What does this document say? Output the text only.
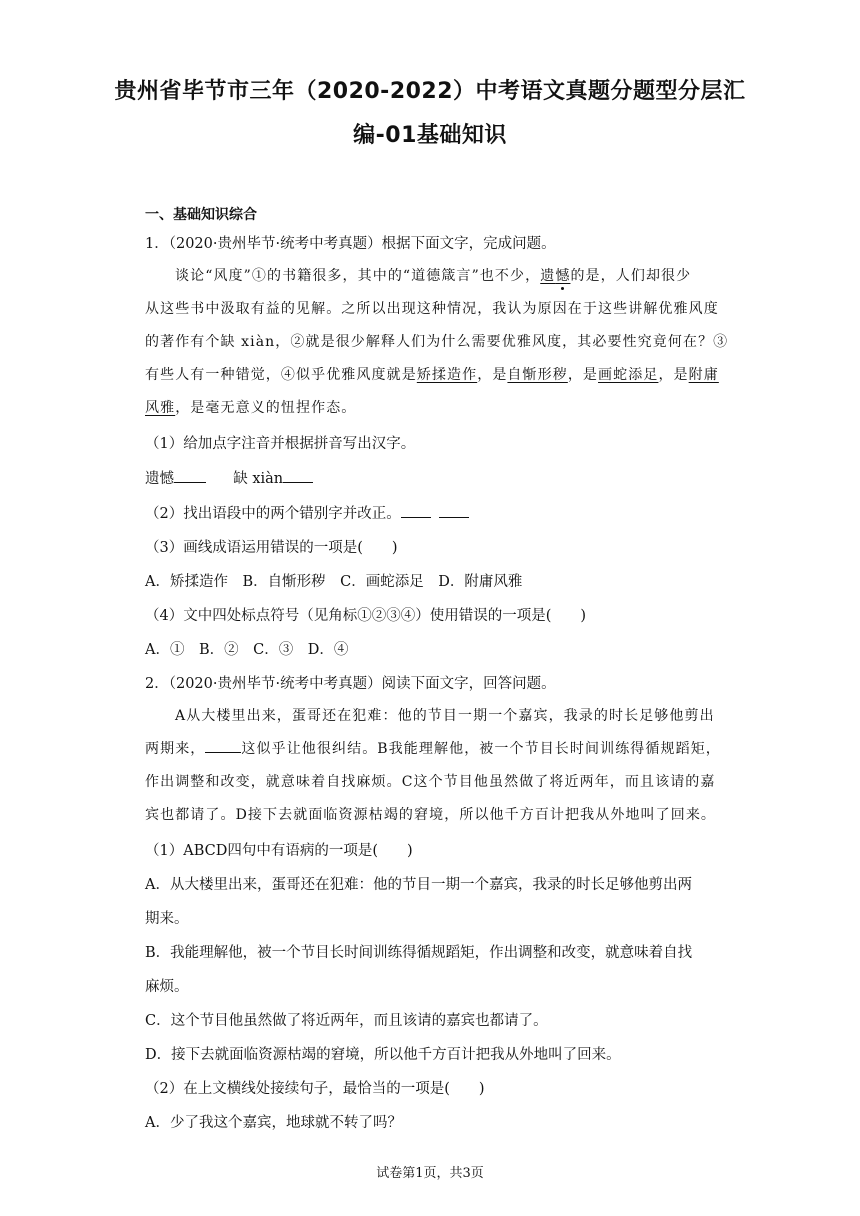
贵州省毕节市三年（2020-2022）中考语文真题分题型分层汇
编-01基础知识
一、基础知识综合
1．（2020·贵州毕节·统考中考真题）根据下面文字，完成问题。
谈论“风度”①的书籍很多，其中的“道德箴言”也不少，遗憾的是，人们却很少
从这些书中汲取有益的见解。之所以出现这种情况，我认为原因在于这些讲解优雅风度
的著作有个缺 xiàn，②就是很少解释人们为什么需要优雅风度，其必要性究竟何在？③
有些人有一种错觉，④似乎优雅风度就是矫揉造作，是自惭形秽，是画蛇添足，是附庸
风雅，是毫无意义的忸捏作态。
（1）给加点字注音并根据拼音写出汉字。
遗憾	缺 xiàn
（2）找出语段中的两个错别字并改正。
（3）画线成语运用错误的一项是(　　)
A．矫揉造作　B．自惭形秽　C．画蛇添足　D．附庸风雅
（4）文中四处标点符号（见角标①②③④）使用错误的一项是(　　)
A．①　B．②　C．③　D．④
2．（2020·贵州毕节·统考中考真题）阅读下面文字，回答问题。
A从大楼里出来，蛋哥还在犯难：他的节目一期一个嘉宾，我录的时长足够他剪出
两期来，	这似乎让他很纠结。B我能理解他，被一个节目长时间训练得循规蹈矩，
作出调整和改变，就意味着自找麻烦。C这个节目他虽然做了将近两年，而且该请的嘉
宾也都请了。D接下去就面临资源枯竭的窘境，所以他千方百计把我从外地叫了回来。
（1）ABCD四句中有语病的一项是(　　)
A．从大楼里出来，蛋哥还在犯难：他的节目一期一个嘉宾，我录的时长足够他剪出两
期来。
B．我能理解他，被一个节目长时间训练得循规蹈矩，作出调整和改变，就意味着自找
麻烦。
C．这个节目他虽然做了将近两年，而且该请的嘉宾也都请了。
D．接下去就面临资源枯竭的窘境，所以他千方百计把我从外地叫了回来。
（2）在上文横线处接续句子，最恰当的一项是(　　)
A．少了我这个嘉宾，地球就不转了吗？
试卷第1页，共3页
